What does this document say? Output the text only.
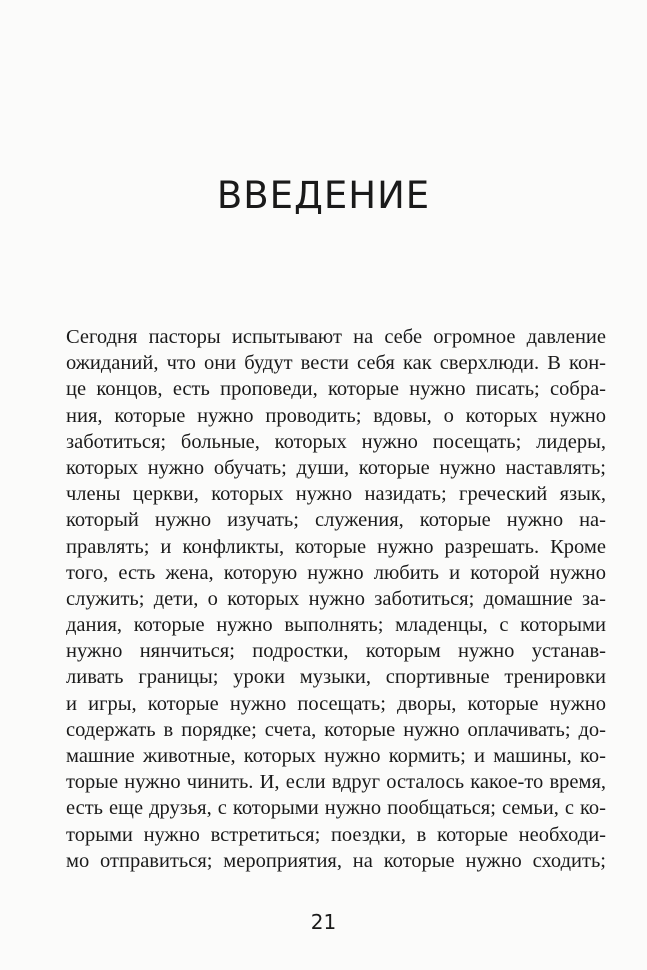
ВВЕДЕНИЕ
Сегодня пасторы испытывают на себе огромное давление
ожиданий, что они будут вести себя как сверхлюди. В кон-
це концов, есть проповеди, которые нужно писать; собра-
ния, которые нужно проводить; вдовы, о которых нужно
заботиться; больные, которых нужно посещать; лидеры,
которых нужно обучать; души, которые нужно наставлять;
члены церкви, которых нужно назидать; греческий язык,
который нужно изучать; служения, которые нужно на-
правлять; и конфликты, которые нужно разрешать. Кроме
того, есть жена, которую нужно любить и которой нужно
служить; дети, о которых нужно заботиться; домашние за-
дания, которые нужно выполнять; младенцы, с которыми
нужно нянчиться; подростки, которым нужно устанав-
ливать границы; уроки музыки, спортивные тренировки
и игры, которые нужно посещать; дворы, которые нужно
содержать в порядке; счета, которые нужно оплачивать; до-
машние животные, которых нужно кормить; и машины, ко-
торые нужно чинить. И, если вдруг осталось какое-то время,
есть еще друзья, с которыми нужно пообщаться; семьи, с ко-
торыми нужно встретиться; поездки, в которые необходи-
мо отправиться; мероприятия, на которые нужно сходить;
21
